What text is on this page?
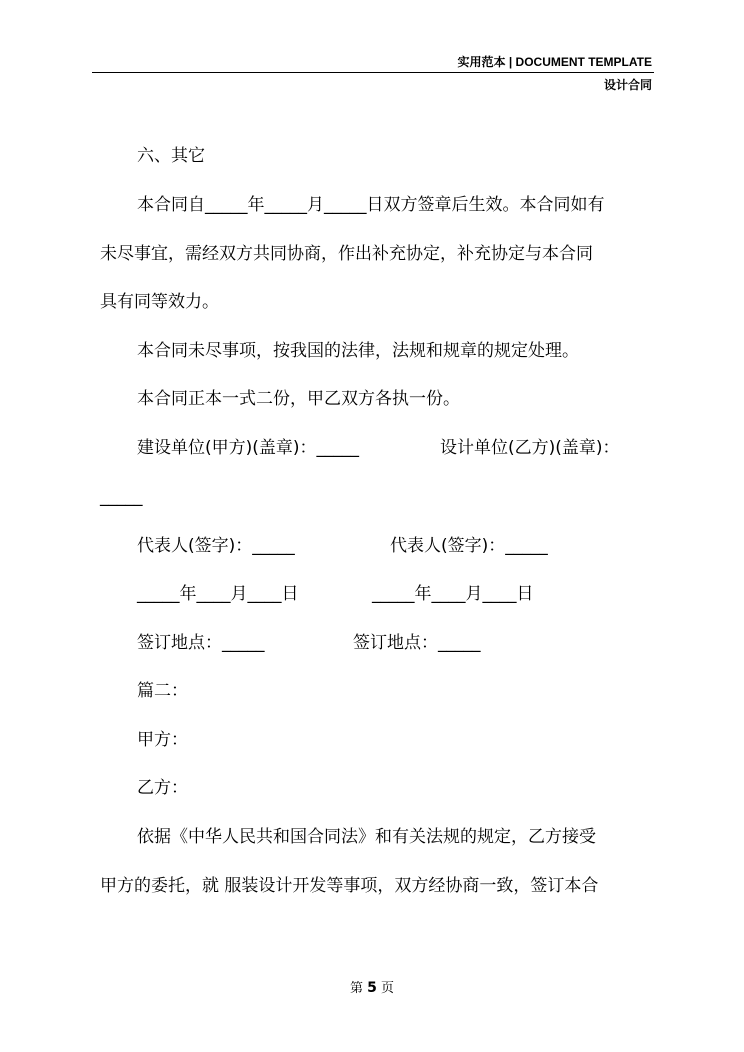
实用范本 | DOCUMENT TEMPLATE
设计合同
六、其它
本合同自_____年_____月_____日双方签章后生效。本合同如有
未尽事宜，需经双方共同协商，作出补充协定，补充协定与本合同
具有同等效力。
本合同未尽事项，按我国的法律，法规和规章的规定处理。
本合同正本一式二份，甲乙双方各执一份。
建设单位(甲方)(盖章)：_____	设计单位(乙方)(盖章)：
_____
代表人(签字)：_____	代表人(签字)：_____
_____年____月____日	_____年____月____日
签订地点：_____	签订地点：_____
篇二：
甲方：
乙方：
依据《中华人民共和国合同法》和有关法规的规定，乙方接受
甲方的委托，就 服装设计开发等事项，双方经协商一致，签订本合
第 5 页
